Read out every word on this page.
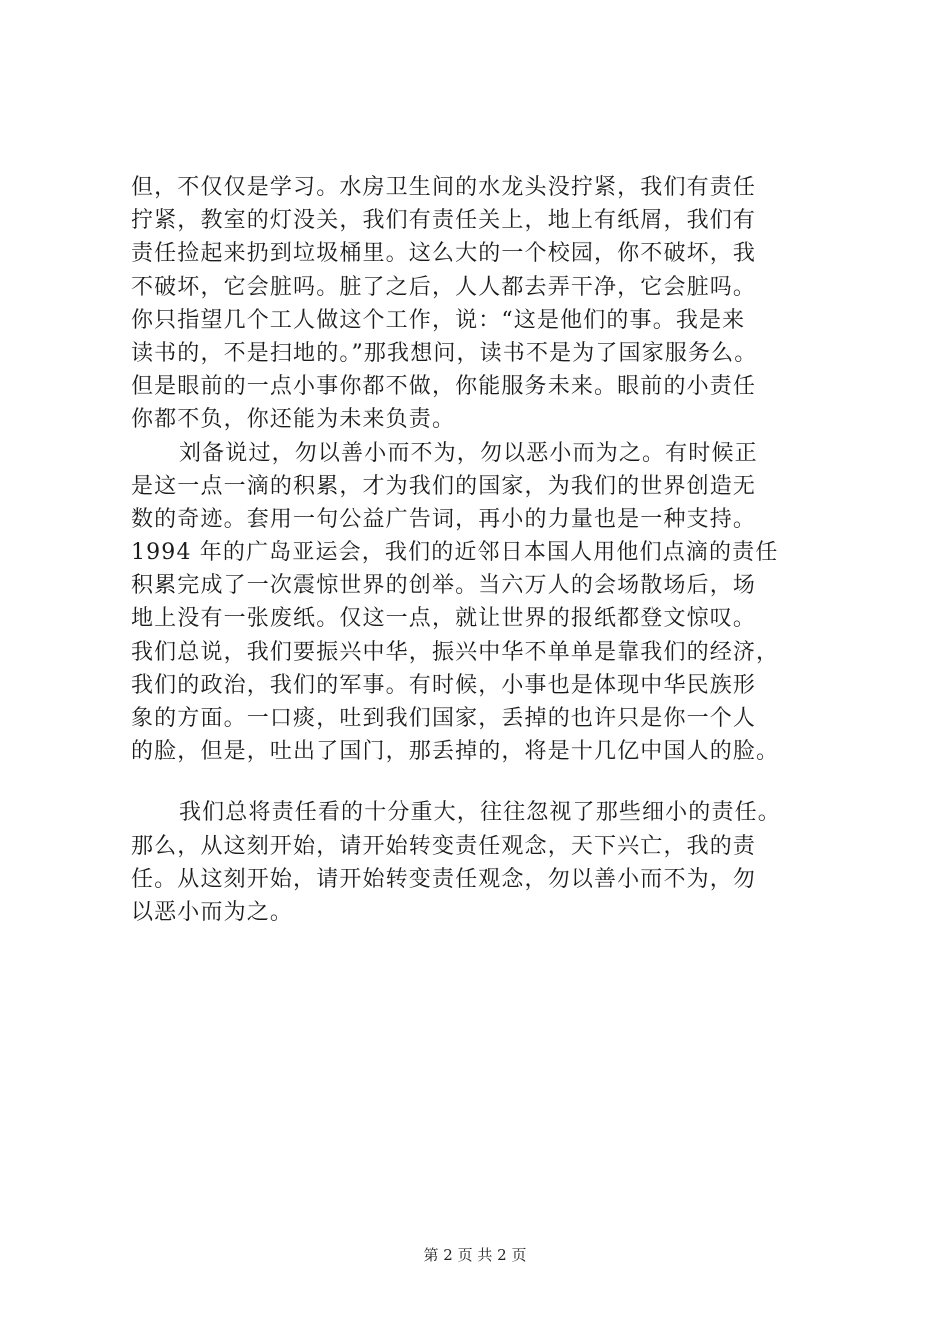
但，不仅仅是学习。水房卫生间的水龙头没拧紧，我们有责任
拧紧，教室的灯没关，我们有责任关上，地上有纸屑，我们有
责任捡起来扔到垃圾桶里。这么大的一个校园，你不破坏，我
不破坏，它会脏吗。脏了之后，人人都去弄干净，它会脏吗。
你只指望几个工人做这个工作，说：“这是他们的事。我是来
读书的，不是扫地的。”那我想问，读书不是为了国家服务么。
但是眼前的一点小事你都不做，你能服务未来。眼前的小责任
你都不负，你还能为未来负责。
刘备说过，勿以善小而不为，勿以恶小而为之。有时候正
是这一点一滴的积累，才为我们的国家，为我们的世界创造无
数的奇迹。套用一句公益广告词，再小的力量也是一种支持。
1994 年的广岛亚运会，我们的近邻日本国人用他们点滴的责任
积累完成了一次震惊世界的创举。当六万人的会场散场后，场
地上没有一张废纸。仅这一点，就让世界的报纸都登文惊叹。
我们总说，我们要振兴中华，振兴中华不单单是靠我们的经济，
我们的政治，我们的军事。有时候，小事也是体现中华民族形
象的方面。一口痰，吐到我们国家，丢掉的也许只是你一个人
的脸，但是，吐出了国门，那丢掉的，将是十几亿中国人的脸。
我们总将责任看的十分重大，往往忽视了那些细小的责任。
那么，从这刻开始，请开始转变责任观念，天下兴亡，我的责
任。从这刻开始，请开始转变责任观念，勿以善小而不为，勿
以恶小而为之。
第 2 页 共 2 页
